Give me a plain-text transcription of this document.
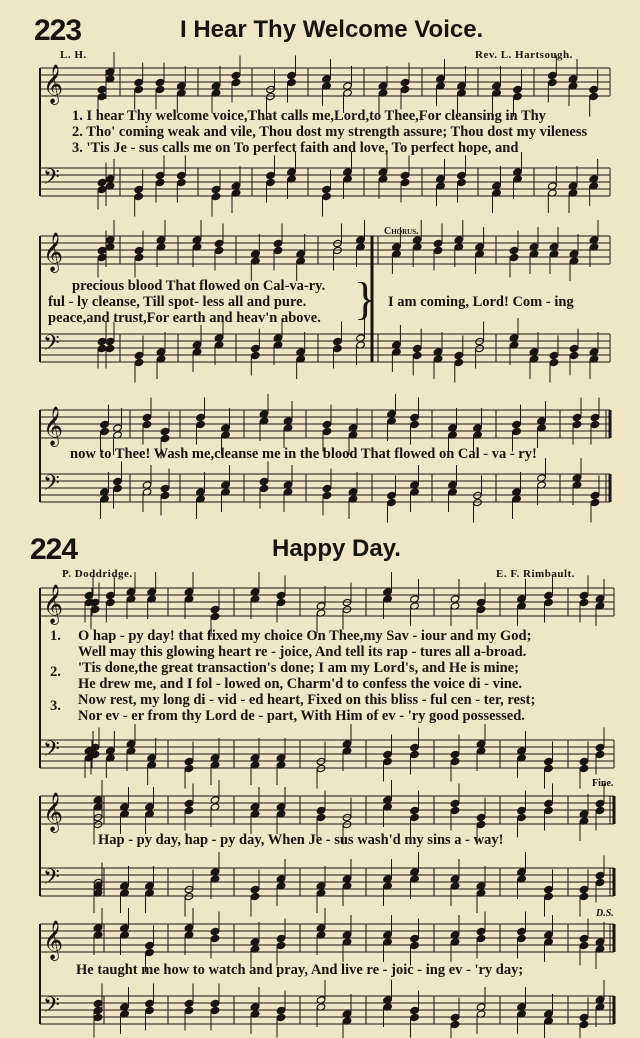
223	I Hear Thy Welcome Voice.
L. H.	Rev. L. Hartsough.
224	Happy Day.
P. Doddridge.	E. F. Rimbault.
𝄞
𝄢
𝄞
𝄢
𝄞
𝄢
𝄞
𝄢
𝄞
𝄢
𝄞
𝄢
1. I hear Thy welcome voice,That calls me,Lord,to Thee,For cleansing in Thy
2. Tho' coming weak and vile, Thou dost my strength assure; Thou dost my vileness
3. 'Tis Je - sus calls me on To perfect faith and love, To perfect hope, and
precious blood That flowed on Cal-va-ry.
ful - ly cleanse, Till spot- less all and pure.
peace,and trust,For earth and heav'n above. }
Chorus.
I am coming, Lord! Com - ing
now to Thee! Wash me,cleanse me in the blood That flowed on Cal - va - ry!
1. O hap - py day! that fixed my choice On Thee,my Sav - iour and my God;
Well may this glowing heart re - joice, And tell its rap - tures all a-broad.
2. 'Tis done,the great transaction's done; I am my Lord's, and He is mine;
He drew me, and I fol - lowed on, Charm'd to confess the voice di - vine.
3. Now rest, my long di - vid - ed heart, Fixed on this bliss - ful cen - ter, rest;
Nor ev - er from thy Lord de - part, With Him of ev - 'ry good possessed.
Fine.
Hap - py day, hap - py day, When Je - sus wash'd my sins a - way!
D.S.
He taught me how to watch and pray, And live re - joic - ing ev - 'ry day;
